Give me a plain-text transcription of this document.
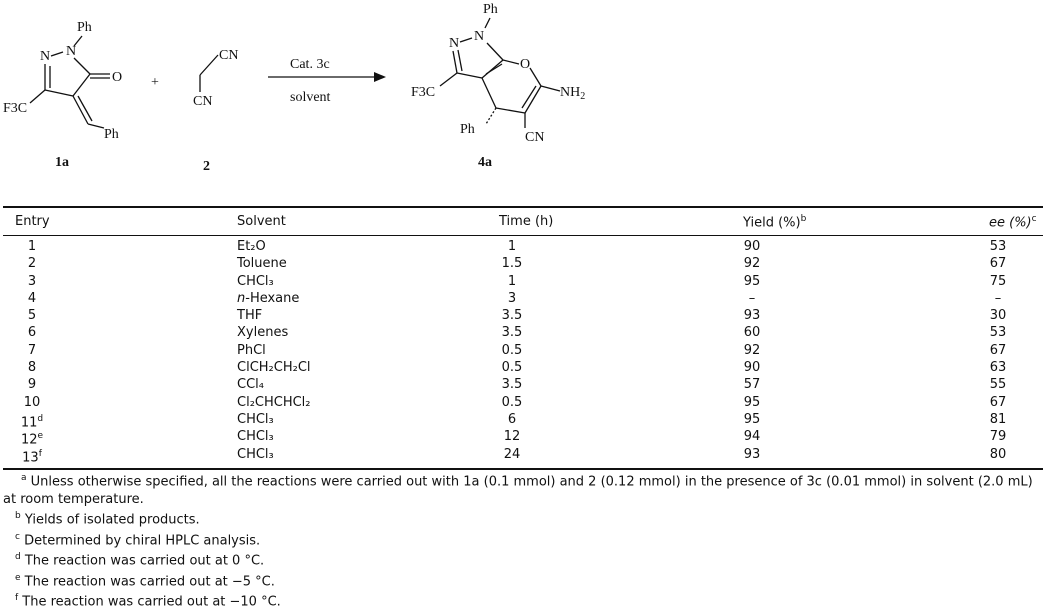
Ph
N N
O
F3C
Ph
1a
+
CN
CN
2
Cat. 3c
solvent
Ph
N N
O
$NH_2$
CN
Ph
F3C
4a
Entry	Solvent	Time (h)	Yield (%)$^b$	ee (%)$^c$
1	Et₂O	1	90	53
2	Toluene	1.5	92	67
3	CHCl₃	1	95	75
4	n-Hexane	3	–	–
5	THF	3.5	93	30
6	Xylenes	3.5	60	53
7	PhCl	0.5	92	67
8	ClCH₂CH₂Cl	0.5	90	63
9	CCl₄	3.5	57	55
10	Cl₂CHCHCl₂	0.5	95	67
11$^d$	CHCl₃	6	95	81
12e	CHCl₃	12	94	79
13$^f$	CHCl₃	24	93	80
$^a$ Unless otherwise specified, all the reactions were carried out with 1a (0.1 mmol) and 2 (0.12 mmol) in the presence of 3c (0.01 mmol) in solvent (2.0 mL) at room temperature.
$^b$ Yields of isolated products.
$^c$ Determined by chiral HPLC analysis.
$^d$ The reaction was carried out at 0 °C.
$^e$ The reaction was carried out at −5 °C.
$^f$ The reaction was carried out at −10 °C.
